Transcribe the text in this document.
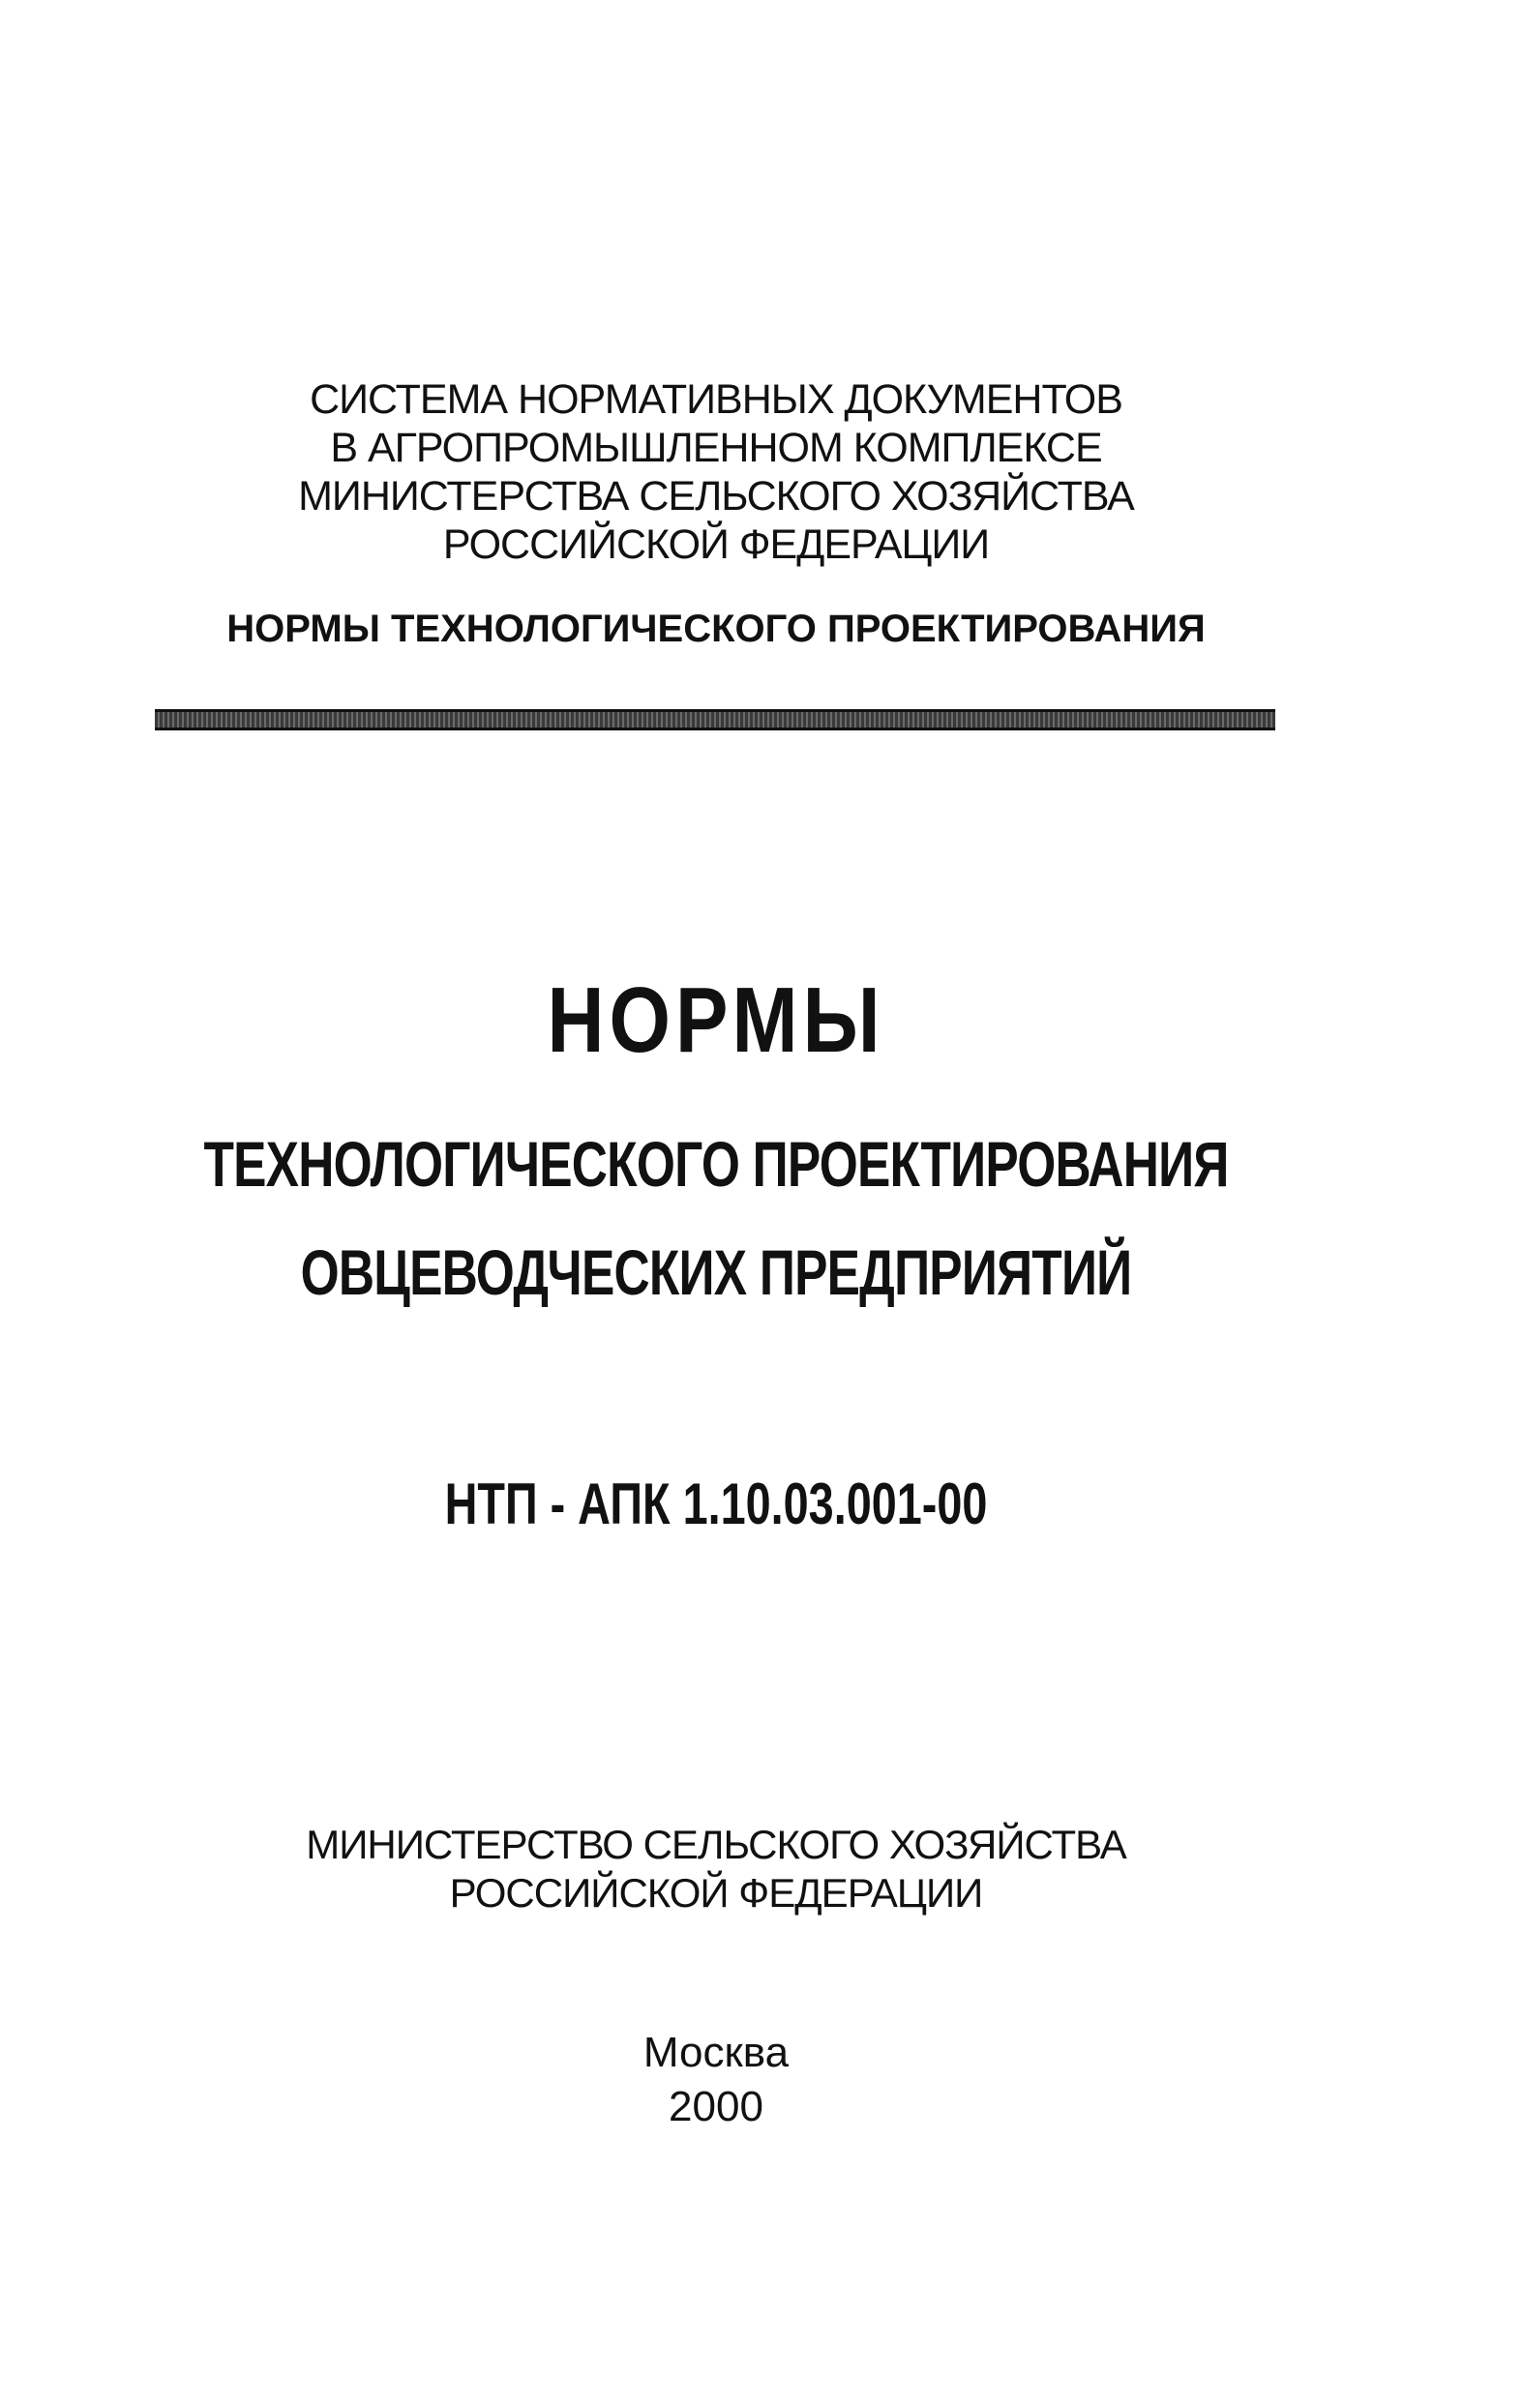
СИСТЕМА НОРМАТИВНЫХ ДОКУМЕНТОВ
В АГРОПРОМЫШЛЕННОМ КОМПЛЕКСЕ
МИНИСТЕРСТВА СЕЛЬСКОГО ХОЗЯЙСТВА
РОССИЙСКОЙ ФЕДЕРАЦИИ
НОРМЫ ТЕХНОЛОГИЧЕСКОГО ПРОЕКТИРОВАНИЯ
НОРМЫ
ТЕХНОЛОГИЧЕСКОГО ПРОЕКТИРОВАНИЯ
ОВЦЕВОДЧЕСКИХ ПРЕДПРИЯТИЙ
НТП - АПК 1.10.03.001-00
МИНИСТЕРСТВО СЕЛЬСКОГО ХОЗЯЙСТВА
РОССИЙСКОЙ ФЕДЕРАЦИИ
Москва
2000
